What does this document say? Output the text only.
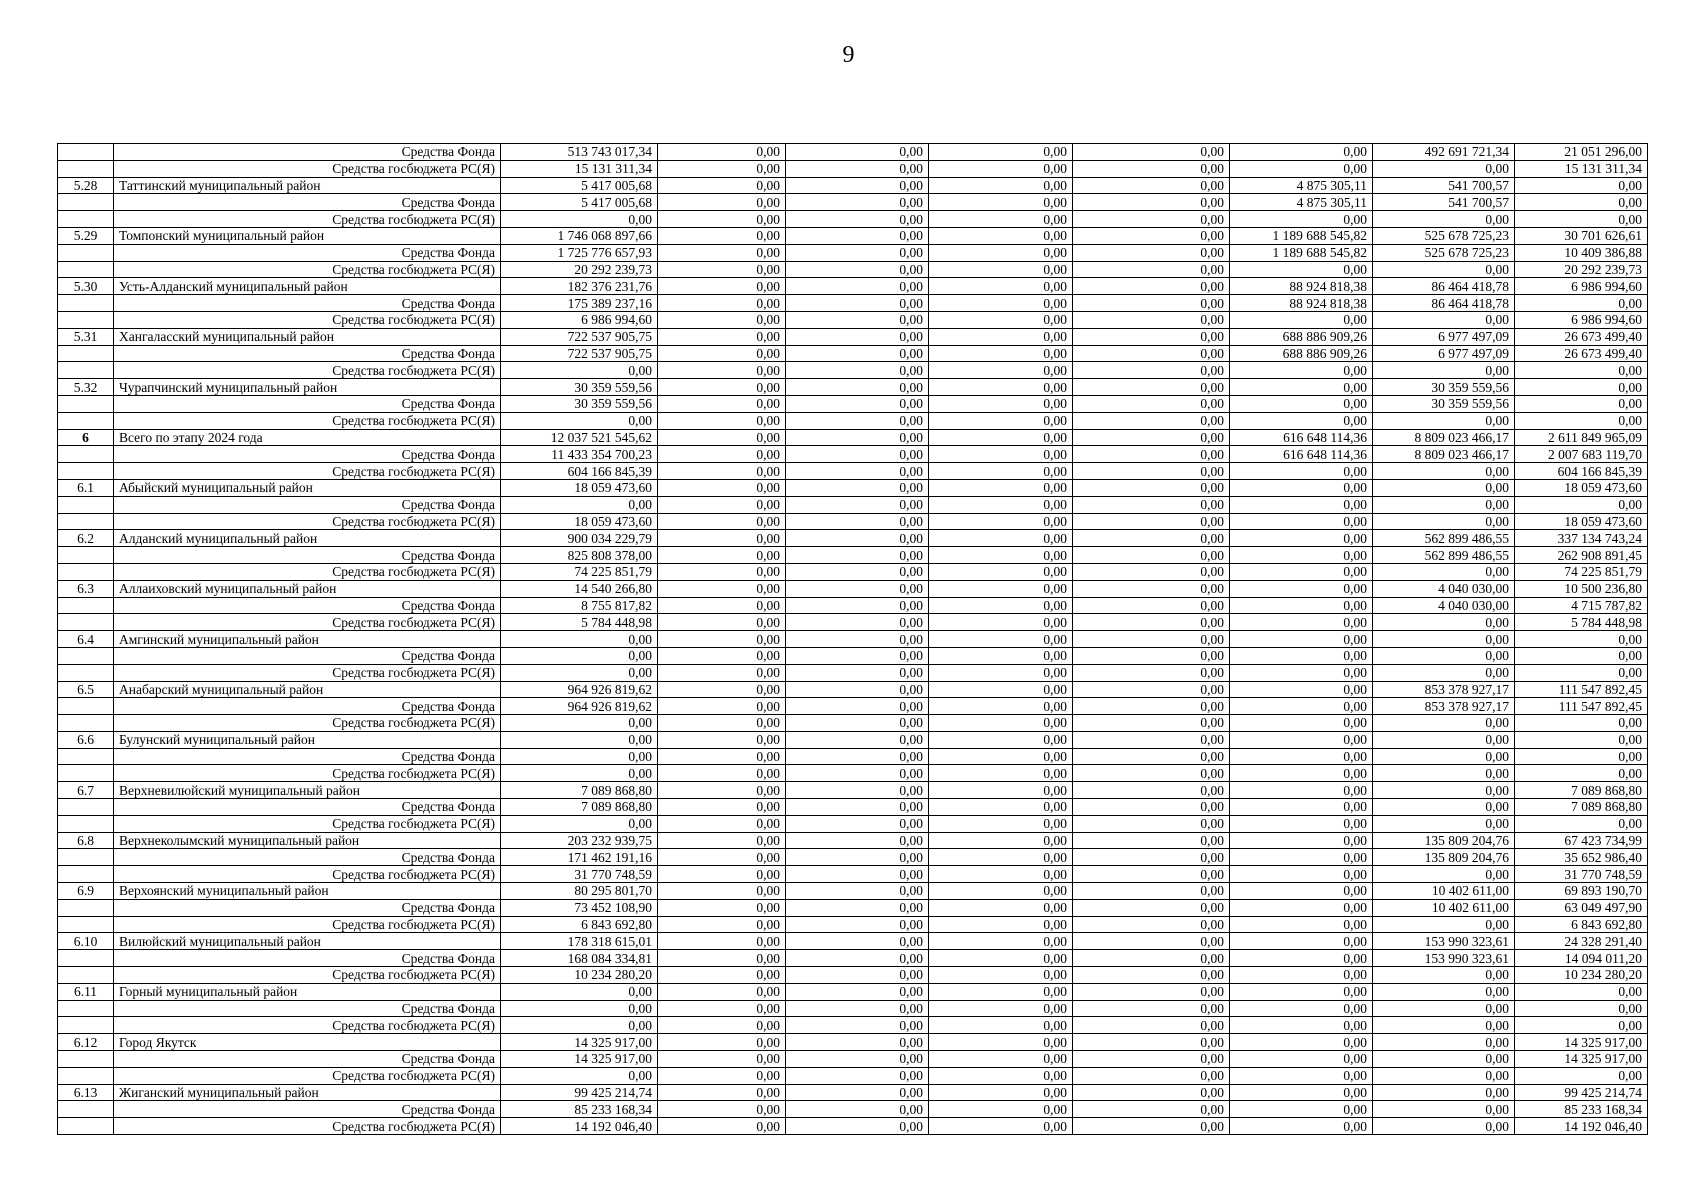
9
	Средства Фонда	513 743 017,34	0,00	0,00	0,00	0,00	0,00	492 691 721,34	21 051 296,00
	Средства госбюджета РС(Я)	15 131 311,34	0,00	0,00	0,00	0,00	0,00	0,00	15 131 311,34
5.28	Таттинский муниципальный район	5 417 005,68	0,00	0,00	0,00	0,00	4 875 305,11	541 700,57	0,00
	Средства Фонда	5 417 005,68	0,00	0,00	0,00	0,00	4 875 305,11	541 700,57	0,00
	Средства госбюджета РС(Я)	0,00	0,00	0,00	0,00	0,00	0,00	0,00	0,00
5.29	Томпонский муниципальный район	1 746 068 897,66	0,00	0,00	0,00	0,00	1 189 688 545,82	525 678 725,23	30 701 626,61
	Средства Фонда	1 725 776 657,93	0,00	0,00	0,00	0,00	1 189 688 545,82	525 678 725,23	10 409 386,88
	Средства госбюджета РС(Я)	20 292 239,73	0,00	0,00	0,00	0,00	0,00	0,00	20 292 239,73
5.30	Усть-Алданский муниципальный район	182 376 231,76	0,00	0,00	0,00	0,00	88 924 818,38	86 464 418,78	6 986 994,60
	Средства Фонда	175 389 237,16	0,00	0,00	0,00	0,00	88 924 818,38	86 464 418,78	0,00
	Средства госбюджета РС(Я)	6 986 994,60	0,00	0,00	0,00	0,00	0,00	0,00	6 986 994,60
5.31	Хангаласский муниципальный район	722 537 905,75	0,00	0,00	0,00	0,00	688 886 909,26	6 977 497,09	26 673 499,40
	Средства Фонда	722 537 905,75	0,00	0,00	0,00	0,00	688 886 909,26	6 977 497,09	26 673 499,40
	Средства госбюджета РС(Я)	0,00	0,00	0,00	0,00	0,00	0,00	0,00	0,00
5.32	Чурапчинский муниципальный район	30 359 559,56	0,00	0,00	0,00	0,00	0,00	30 359 559,56	0,00
	Средства Фонда	30 359 559,56	0,00	0,00	0,00	0,00	0,00	30 359 559,56	0,00
	Средства госбюджета РС(Я)	0,00	0,00	0,00	0,00	0,00	0,00	0,00	0,00
6	Всего по этапу 2024 года	12 037 521 545,62	0,00	0,00	0,00	0,00	616 648 114,36	8 809 023 466,17	2 611 849 965,09
	Средства Фонда	11 433 354 700,23	0,00	0,00	0,00	0,00	616 648 114,36	8 809 023 466,17	2 007 683 119,70
	Средства госбюджета РС(Я)	604 166 845,39	0,00	0,00	0,00	0,00	0,00	0,00	604 166 845,39
6.1	Абыйский муниципальный район	18 059 473,60	0,00	0,00	0,00	0,00	0,00	0,00	18 059 473,60
	Средства Фонда	0,00	0,00	0,00	0,00	0,00	0,00	0,00	0,00
	Средства госбюджета РС(Я)	18 059 473,60	0,00	0,00	0,00	0,00	0,00	0,00	18 059 473,60
6.2	Алданский муниципальный район	900 034 229,79	0,00	0,00	0,00	0,00	0,00	562 899 486,55	337 134 743,24
	Средства Фонда	825 808 378,00	0,00	0,00	0,00	0,00	0,00	562 899 486,55	262 908 891,45
	Средства госбюджета РС(Я)	74 225 851,79	0,00	0,00	0,00	0,00	0,00	0,00	74 225 851,79
6.3	Аллаиховский муниципальный район	14 540 266,80	0,00	0,00	0,00	0,00	0,00	4 040 030,00	10 500 236,80
	Средства Фонда	8 755 817,82	0,00	0,00	0,00	0,00	0,00	4 040 030,00	4 715 787,82
	Средства госбюджета РС(Я)	5 784 448,98	0,00	0,00	0,00	0,00	0,00	0,00	5 784 448,98
6.4	Амгинский муниципальный район	0,00	0,00	0,00	0,00	0,00	0,00	0,00	0,00
	Средства Фонда	0,00	0,00	0,00	0,00	0,00	0,00	0,00	0,00
	Средства госбюджета РС(Я)	0,00	0,00	0,00	0,00	0,00	0,00	0,00	0,00
6.5	Анабарский муниципальный район	964 926 819,62	0,00	0,00	0,00	0,00	0,00	853 378 927,17	111 547 892,45
	Средства Фонда	964 926 819,62	0,00	0,00	0,00	0,00	0,00	853 378 927,17	111 547 892,45
	Средства госбюджета РС(Я)	0,00	0,00	0,00	0,00	0,00	0,00	0,00	0,00
6.6	Булунский муниципальный район	0,00	0,00	0,00	0,00	0,00	0,00	0,00	0,00
	Средства Фонда	0,00	0,00	0,00	0,00	0,00	0,00	0,00	0,00
	Средства госбюджета РС(Я)	0,00	0,00	0,00	0,00	0,00	0,00	0,00	0,00
6.7	Верхневилюйский муниципальный район	7 089 868,80	0,00	0,00	0,00	0,00	0,00	0,00	7 089 868,80
	Средства Фонда	7 089 868,80	0,00	0,00	0,00	0,00	0,00	0,00	7 089 868,80
	Средства госбюджета РС(Я)	0,00	0,00	0,00	0,00	0,00	0,00	0,00	0,00
6.8	Верхнеколымский муниципальный район	203 232 939,75	0,00	0,00	0,00	0,00	0,00	135 809 204,76	67 423 734,99
	Средства Фонда	171 462 191,16	0,00	0,00	0,00	0,00	0,00	135 809 204,76	35 652 986,40
	Средства госбюджета РС(Я)	31 770 748,59	0,00	0,00	0,00	0,00	0,00	0,00	31 770 748,59
6.9	Верхоянский муниципальный район	80 295 801,70	0,00	0,00	0,00	0,00	0,00	10 402 611,00	69 893 190,70
	Средства Фонда	73 452 108,90	0,00	0,00	0,00	0,00	0,00	10 402 611,00	63 049 497,90
	Средства госбюджета РС(Я)	6 843 692,80	0,00	0,00	0,00	0,00	0,00	0,00	6 843 692,80
6.10	Вилюйский муниципальный район	178 318 615,01	0,00	0,00	0,00	0,00	0,00	153 990 323,61	24 328 291,40
	Средства Фонда	168 084 334,81	0,00	0,00	0,00	0,00	0,00	153 990 323,61	14 094 011,20
	Средства госбюджета РС(Я)	10 234 280,20	0,00	0,00	0,00	0,00	0,00	0,00	10 234 280,20
6.11	Горный муниципальный район	0,00	0,00	0,00	0,00	0,00	0,00	0,00	0,00
	Средства Фонда	0,00	0,00	0,00	0,00	0,00	0,00	0,00	0,00
	Средства госбюджета РС(Я)	0,00	0,00	0,00	0,00	0,00	0,00	0,00	0,00
6.12	Город Якутск	14 325 917,00	0,00	0,00	0,00	0,00	0,00	0,00	14 325 917,00
	Средства Фонда	14 325 917,00	0,00	0,00	0,00	0,00	0,00	0,00	14 325 917,00
	Средства госбюджета РС(Я)	0,00	0,00	0,00	0,00	0,00	0,00	0,00	0,00
6.13	Жиганский муниципальный район	99 425 214,74	0,00	0,00	0,00	0,00	0,00	0,00	99 425 214,74
	Средства Фонда	85 233 168,34	0,00	0,00	0,00	0,00	0,00	0,00	85 233 168,34
	Средства госбюджета РС(Я)	14 192 046,40	0,00	0,00	0,00	0,00	0,00	0,00	14 192 046,40
